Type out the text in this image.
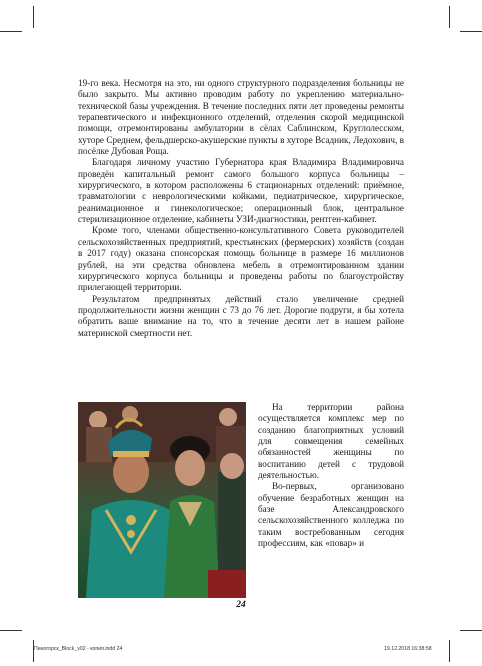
19-го века. Несмотря на это, ни одного структурного подразделения больницы не было закрыто. Мы активно проводим работу по укреплению материально-технической базы учреждения. В течение последних пяти лет проведены ремонты терапевтического и инфекционного отделений, отделения скорой медицинской помощи, отремонтированы амбулатории в сёлах Саблинском, Круглолесском, хуторе Среднем, фельдшерско-акушерские пункты в хуторе Всадник, Ледохович, в посёлке Дубовая Роща.

Благодаря личному участию Губернатора края Владимира Владимировича проведён капитальный ремонт самого большого корпуса больницы – хирургического, в котором расположены 6 стационарных отделений: приёмное, травматологии с неврологическими койками, педиатрическое, хирургическое, реанимационное и гинекологическое; операционный блок, центральное стерилизационное отделение, кабинеты УЗИ-диагностики, рентген-кабинет.

Кроме того, членами общественно-консультативного Совета руководителей сельскохозяйственных предприятий, крестьянских (фермерских) хозяйств (создан в 2017 году) оказана спонсорская помощь больнице в размере 16 миллионов рублей, на эти средства обновлена мебель в отремонтированном здании хирургического корпуса больницы и проведены работы по благоустройству прилегающей территории.

Результатом предпринятых действий стало увеличение средней продолжительности жизни женщин с 73 до 76 лет. Дорогие подруги, я бы хотела обратить ваше внимание на то, что в течение десяти лет в нашем районе материнской смертности нет.

На территории района осуществляется комплекс мер по созданию благоприятных условий для совмещения семейных обязанностей женщины по воспитанию детей с трудовой деятельностью.

Во-первых, организовано обучение безработных женщин на базе Александровского сельскохозяйственного колледжа по таким востребованным сегодня профессиям, как «повар» и

24
Пиногорск_Block_v02 - копия.indd 24	19.12.2018 16:38:58
